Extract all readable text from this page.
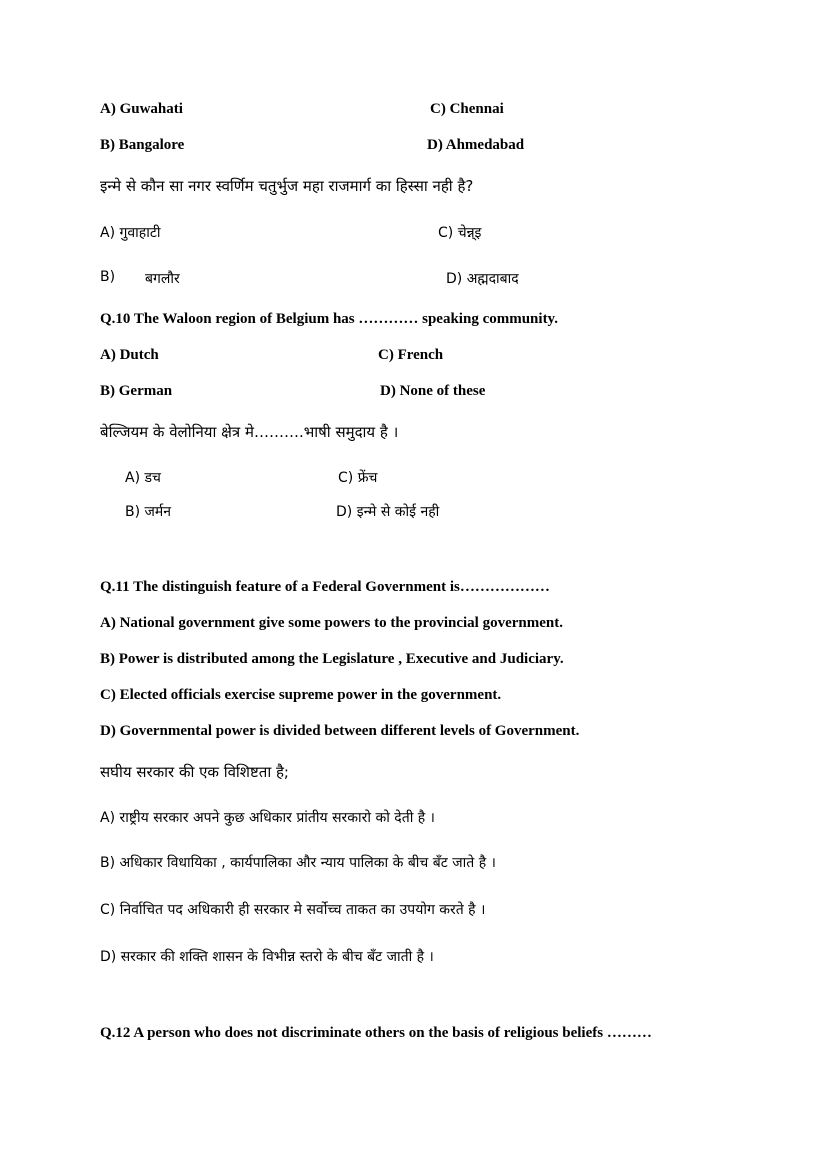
A) Guwahati	C) Chennai
B) Bangalore	D) Ahmedabad
इन्मे से कौन सा नगर स्वर्णिम चतुर्भुज महा राजमार्ग का हिस्सा नही है?
A) गुवाहाटी	C) चेन्न्इ
B) बगलौर	D) अह्मदाबाद
Q.10 The Waloon region of Belgium has ………… speaking community.
A) Dutch	C) French
B) German	D) None of these
बेल्जियम के वेलोनिया क्षेत्र मे……….भाषी समुदाय है ।
A) डच	C) फ्रेंच
B) जर्मन	D) इन्मे से कोई नही
Q.11 The distinguish feature of a Federal Government is………………
A) National government give some powers to the provincial government.
B) Power is distributed among the Legislature , Executive and Judiciary.
C) Elected officials exercise supreme power in the government.
D) Governmental power is divided between different levels of Government.
सघीय सरकार की एक विशिष्टता है;
A) राष्ट्रीय सरकार अपने कुछ अधिकार प्रांतीय सरकारो को देती है ।
B) अधिकार विधायिका , कार्यपालिका और न्याय पालिका के बीच बँट जाते है ।
C) निर्वाचित पद अधिकारी ही सरकार मे सर्वोच्च ताकत का उपयोग करते है ।
D) सरकार की शक्ति शासन के विभीन्न स्तरो के बीच बँट जाती है ।
Q.12 A person who does not discriminate others on the basis of religious beliefs ………
